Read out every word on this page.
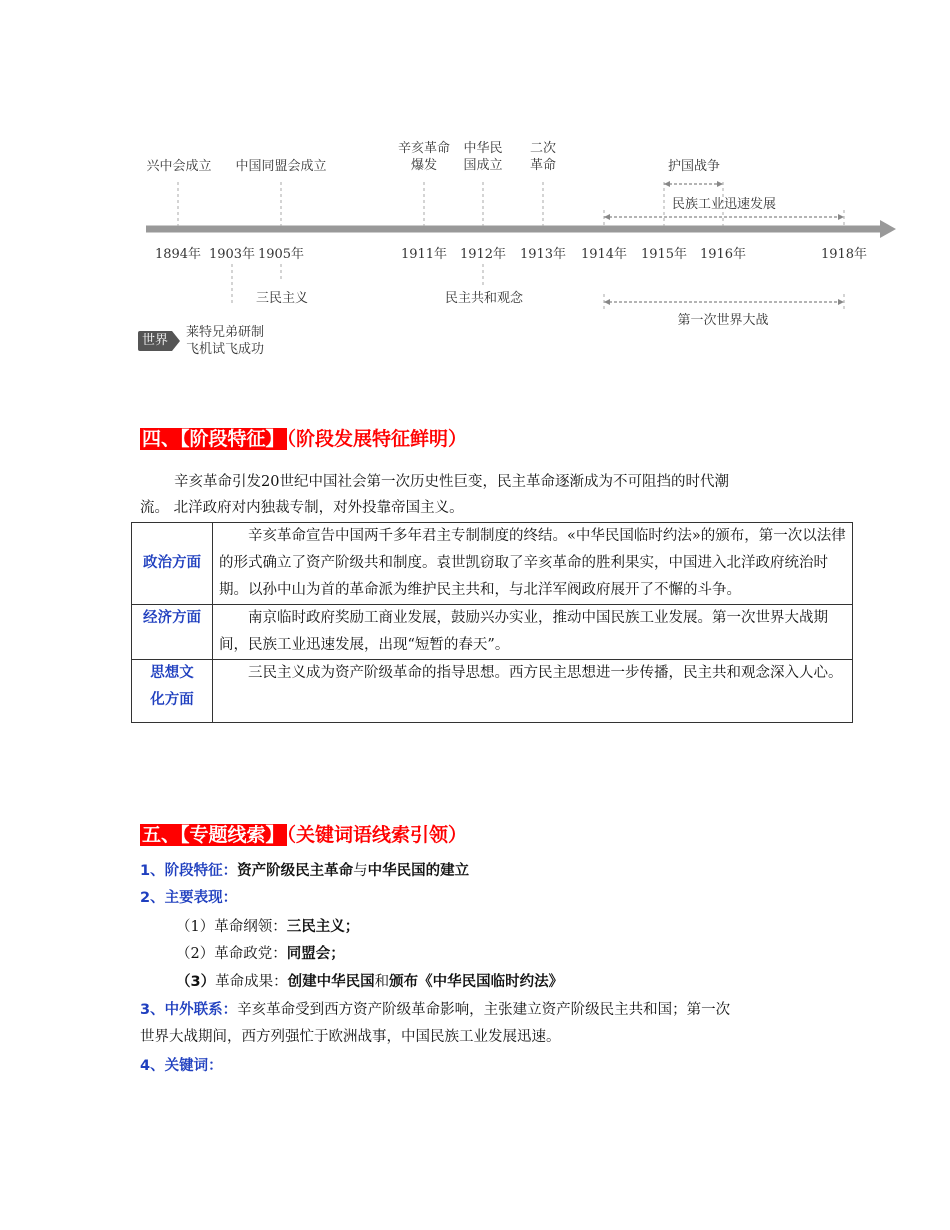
兴中会成立 中国同盟会成立
辛亥革命
爆发
中华民
国成立
二次
革命	护国战争
民族工业迅速发展
1894年 1903年 1905年	1911年 1912年 1913年 1914年 1915年 1916年	1918年
三民主义	民主共和观念
第一次世界大战
世界
莱特兄弟研制
飞机试飞成功
四、【阶段特征】 （阶段发展特征鲜明）
辛亥革命引发20世纪中国社会第一次历史性巨变，民主革命逐渐成为不可阻挡的时代潮
流。 北洋政府对内独裁专制，对外投靠帝国主义。
政治方面	辛亥革命宣告中国两千多年君主专制制度的终结。«中华民国临时约法»的颁布，第一次以法律的形式确立了资产阶级共和制度。袁世凯窃取了辛亥革命的胜利果实，中国进入北洋政府统治时期。以孙中山为首的革命派为维护民主共和，与北洋军阀政府展开了不懈的斗争。
经济方面	南京临时政府奖励工商业发展，鼓励兴办实业，推动中国民族工业发展。第一次世界大战期间，民族工业迅速发展，出现“短暂的春天”。
思想文
化方面	三民主义成为资产阶级革命的指导思想。西方民主思想进一步传播，民主共和观念深入人心。
五、【专题线索】 （关键词语线索引领）
1、阶段特征：资产阶级民主革命与中华民国的建立
2、主要表现：
（1）革命纲领：三民主义；
（2）革命政党：同盟会；
（3）革命成果：创建中华民国和颁布《中华民国临时约法》
3、中外联系：辛亥革命受到西方资产阶级革命影响，主张建立资产阶级民主共和国；第一次
世界大战期间，西方列强忙于欧洲战事，中国民族工业发展迅速。
4、关键词：
